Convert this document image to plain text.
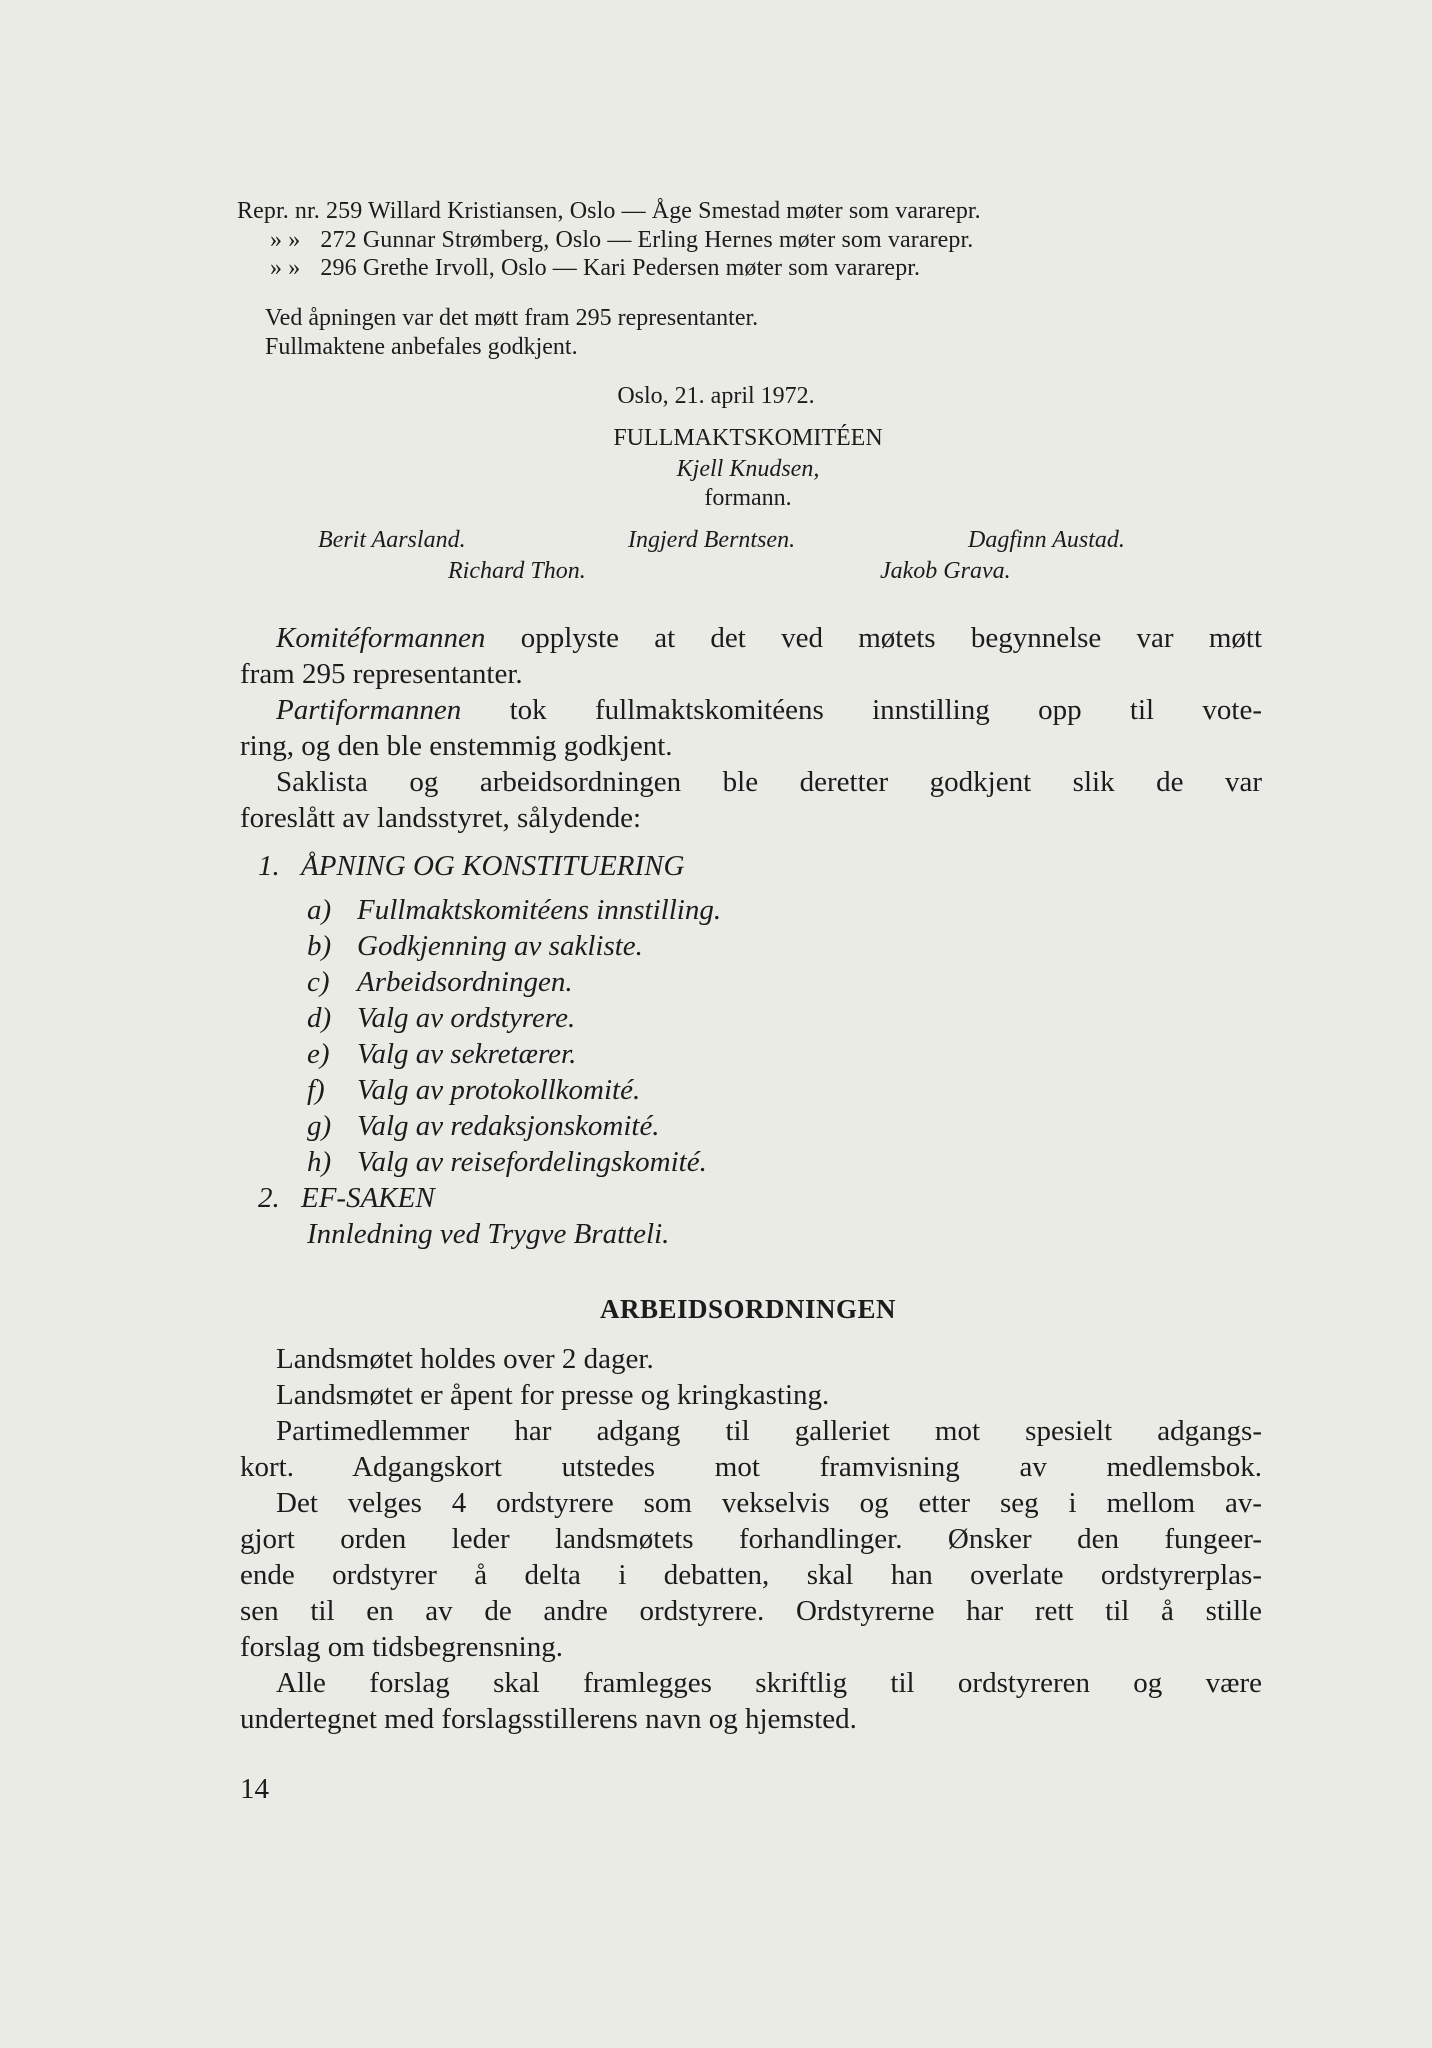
Repr. nr. 259 Willard Kristiansen, Oslo — Åge Smestad møter som vararepr.
» » 272 Gunnar Strømberg, Oslo — Erling Hernes møter som vararepr.
» » 296 Grethe Irvoll, Oslo — Kari Pedersen møter som vararepr.
Ved åpningen var det møtt fram 295 representanter.
Fullmaktene anbefales godkjent.
Oslo, 21. april 1972.
FULLMAKTSKOMITÉEN
Kjell Knudsen,
formann.
Berit Aarsland.	Ingjerd Berntsen.	Dagfinn Austad.
Richard Thon.	Jakob Grava.
Komitéformannen opplyste at det ved møtets begynnelse var møtt
fram 295 representanter.
Partiformannen tok fullmaktskomitéens innstilling opp til vote-
ring, og den ble enstemmig godkjent.
Saklista og arbeidsordningen ble deretter godkjent slik de var
foreslått av landsstyret, sålydende:
1. ÅPNING OG KONSTITUERING
a) Fullmaktskomitéens innstilling.
b) Godkjenning av sakliste.
c) Arbeidsordningen.
d) Valg av ordstyrere.
e) Valg av sekretærer.
f) Valg av protokollkomité.
g) Valg av redaksjonskomité.
h) Valg av reisefordelingskomité.
2. EF-SAKEN
Innledning ved Trygve Bratteli.
ARBEIDSORDNINGEN
Landsmøtet holdes over 2 dager.
Landsmøtet er åpent for presse og kringkasting.
Partimedlemmer har adgang til galleriet mot spesielt adgangs-
kort. Adgangskort utstedes mot framvisning av medlemsbok.
Det velges 4 ordstyrere som vekselvis og etter seg i mellom av-
gjort orden leder landsmøtets forhandlinger. Ønsker den fungeer-
ende ordstyrer å delta i debatten, skal han overlate ordstyrerplas-
sen til en av de andre ordstyrere. Ordstyrerne har rett til å stille
forslag om tidsbegrensning.
Alle forslag skal framlegges skriftlig til ordstyreren og være
undertegnet med forslagsstillerens navn og hjemsted.
14
